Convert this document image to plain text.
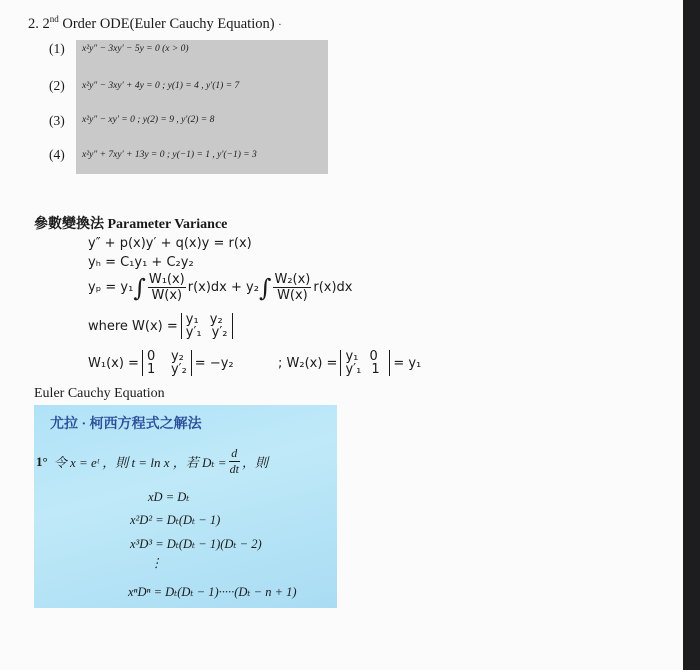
2. 2nd Order ODE(Euler Cauchy Equation) ·
(1) x²y″ − 3xy′ − 5y = 0 (x > 0)
(2) x²y″ − 3xy′ + 4y = 0 ; y(1) = 4 , y′(1) = 7
(3) x²y″ − xy′ = 0 ; y(2) = 9 , y′(2) = 8
(4) x²y″ + 7xy′ + 13y = 0 ; y(−1) = 1 , y′(−1) = 3
參數變換法 Parameter Variance
y″ + p(x)y′ + q(x)y = r(x)
yₕ = C₁y₁ + C₂y₂
yₚ = y₁ ∫ $\frac{\text{W₁(x)}}{W(x)} r(x)dx + y_2$ ∫ $\frac{\text{W₂(x)}}{W(x)} r(x)dx$
where W(x) = y₁ y₂
y′₁ y′₂
W₁(x) = 0	y₂
1	y′₂ = −y₂	; W₂(x) = y₁ 0
y′₁ 1	= y₁
Euler Cauchy Equation
尤拉 · 柯西方程式之解法
1° 令 x = eᵗ ，則 t = ln x ，若 $D_t = \frac{d}{dt}$ ，則
xD = Dₜ
x²D² = Dₜ(Dₜ − 1)
x³D³ = Dₜ(Dₜ − 1)(Dₜ − 2)
⋮
xⁿDⁿ = Dₜ(Dₜ − 1)·····(Dₜ − n + 1)
